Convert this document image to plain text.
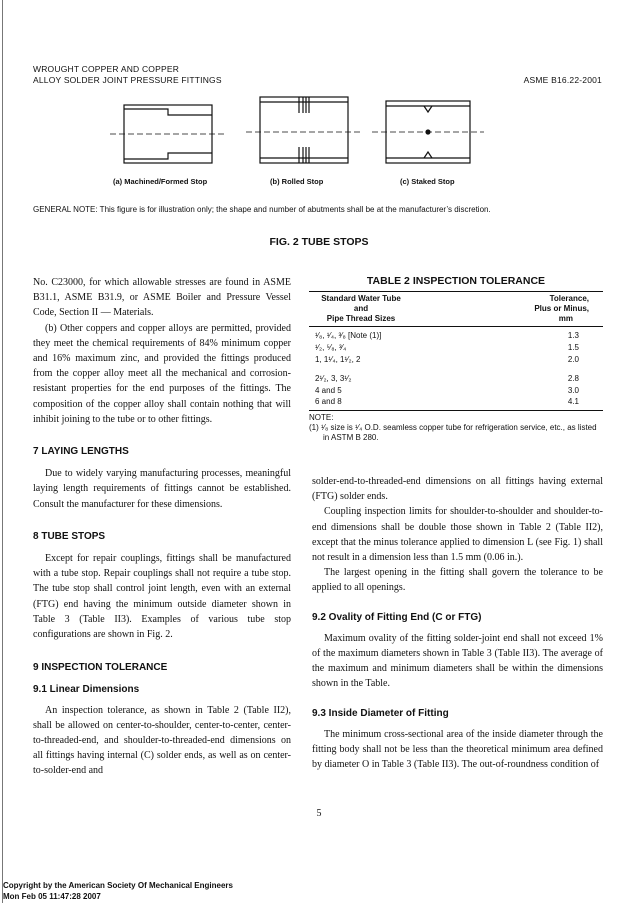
WROUGHT COPPER AND COPPER
ALLOY SOLDER JOINT PRESSURE FITTINGS	ASME B16.22-2001
(a) Machined/Formed Stop	(b) Rolled Stop	(c) Staked Stop
GENERAL NOTE: This figure is for illustration only; the shape and number of abutments shall be at the manufacturer’s discretion.
FIG. 2 TUBE STOPS

No. C23000, for which allowable stresses are found in ASME B31.1, ASME B31.9, or ASME Boiler and Pressure Vessel Code, Section II — Materials.

(b) Other coppers and copper alloys are permitted, provided they meet the chemical requirements of 84% minimum copper and 16% maximum zinc, and provided the fittings produced from the copper alloy meet all the mechanical and corrosion-resistant properties for the end purposes of the fittings. The composition of the copper alloy shall contain nothing that will inhibit joining to the tube or to other fittings.

7 LAYING LENGTHS

Due to widely varying manufacturing processes, meaningful laying length requirements of fittings cannot be established. Consult the manufacturer for these dimensions.

8 TUBE STOPS

Except for repair couplings, fittings shall be manufactured with a tube stop. Repair couplings shall not require a tube stop. The tube stop shall control joint length, even with an external (FTG) end having the minimum outside diameter shown in Table 3 (Table II3). Examples of various tube stop configurations are shown in Fig. 2.

9 INSPECTION TOLERANCE
9.1 Linear Dimensions

An inspection tolerance, as shown in Table 2 (Table II2), shall be allowed on center-to-shoulder, center-to-center, center-to-threaded-end, and shoulder-to-threaded-end dimensions on all fittings having internal (C) solder ends, as well as on center-to-solder-end and

TABLE 2 INSPECTION TOLERANCE
Standard Water Tube
and
Pipe Thread Sizes
Tolerance,
Plus or Minus,
mm
¹⁄₈, ¹⁄₄, ³⁄₈ [Note (1)]	1.3
¹⁄₂, ⁵⁄₈, ³⁄₄	1.5
1, 1¹⁄₄, 1¹⁄₂, 2	2.0
2¹⁄₂, 3, 3¹⁄₂	2.8
4 and 5	3.0
6 and 8	4.1
NOTE:
(1) ¹⁄₈ size is ¹⁄₄ O.D. seamless copper tube for refrigeration service, etc., as listed in ASTM B 280.

solder-end-to-threaded-end dimensions on all fittings having external (FTG) solder ends.

Coupling inspection limits for shoulder-to-shoulder and shoulder-to-end dimensions shall be double those shown in Table 2 (Table II2), except that the minus tolerance applied to dimension L (see Fig. 1) shall not result in a dimension less than 1.5 mm (0.06 in.).

The largest opening in the fitting shall govern the tolerance to be applied to all openings.

9.2 Ovality of Fitting End (C or FTG)

Maximum ovality of the fitting solder-joint end shall not exceed 1% of the maximum diameters shown in Table 3 (Table II3). The average of the maximum and minimum diameters shall be within the dimensions shown in the Table.

9.3 Inside Diameter of Fitting

The minimum cross-sectional area of the inside diameter through the fitting body shall not be less than the theoretical minimum area defined by diameter O in Table 3 (Table II3). The out-of-roundness condition of

5
Copyright by the American Society Of Mechanical Engineers
Mon Feb 05 11:47:28 2007
